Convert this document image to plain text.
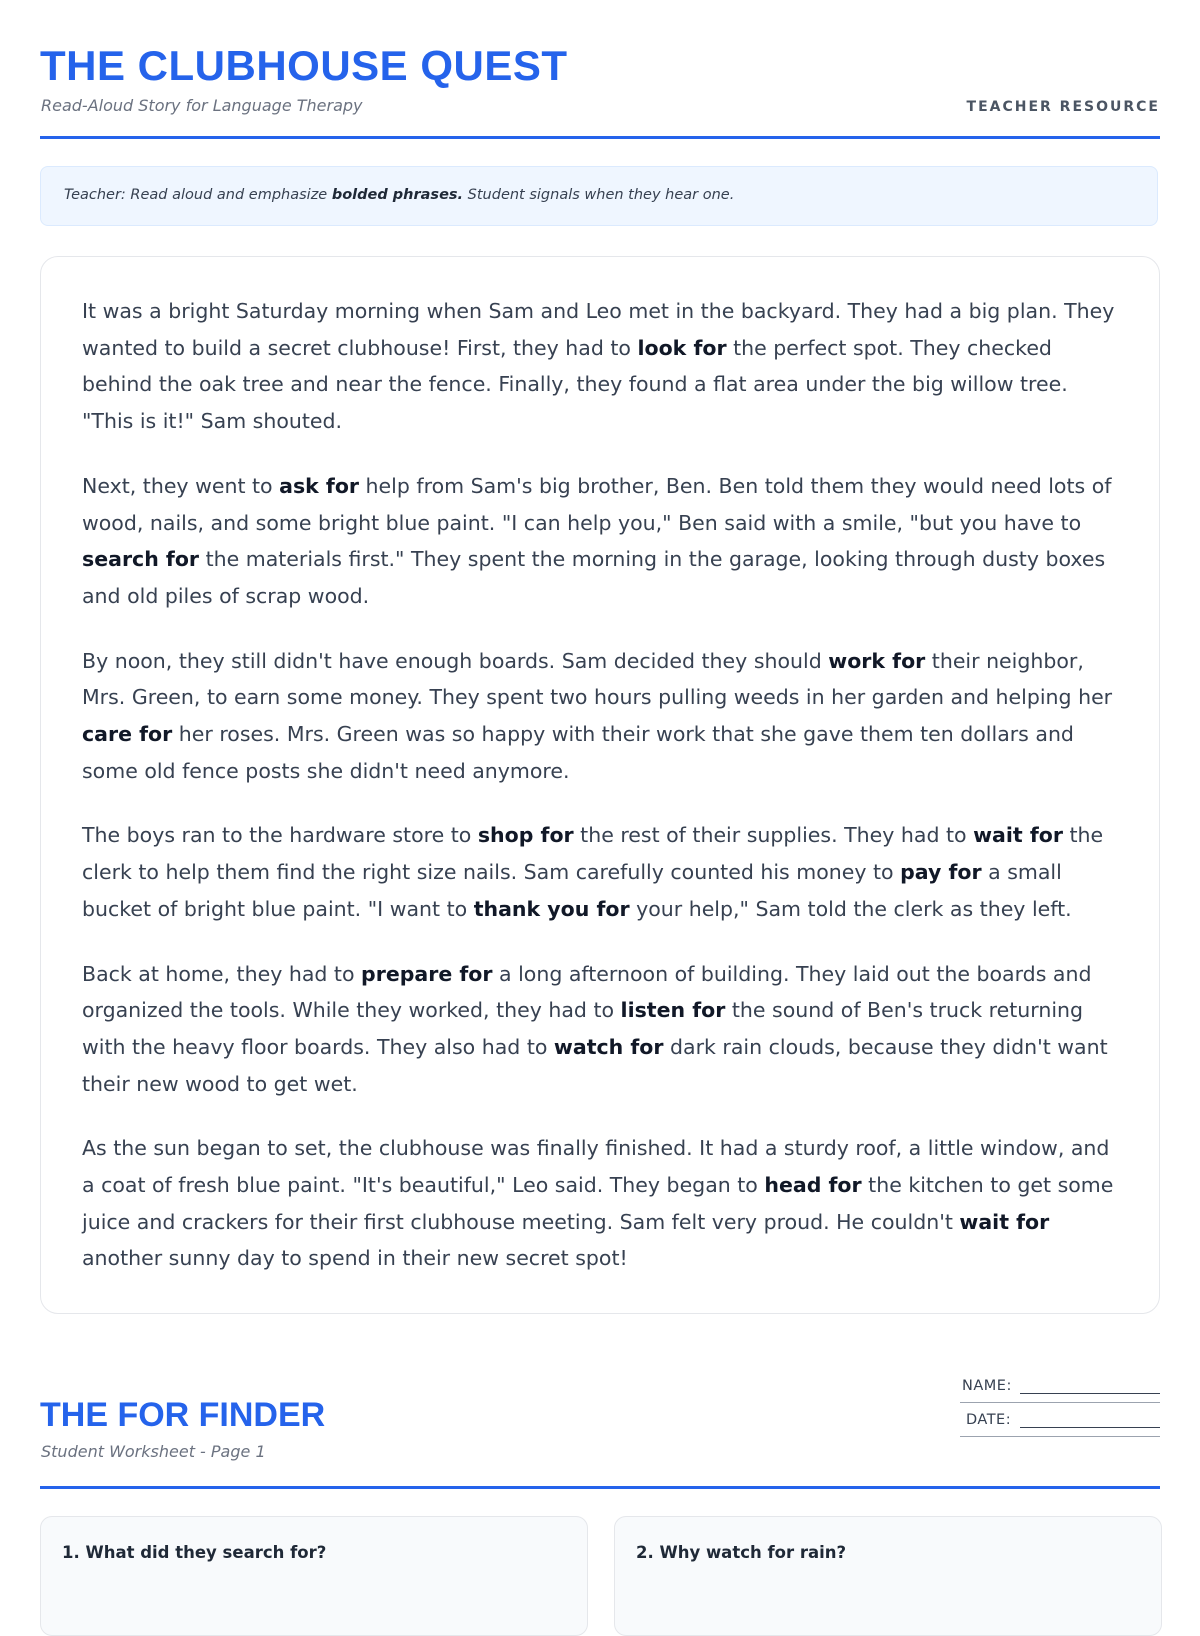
THE CLUBHOUSE QUEST
Read-Aloud Story for Language Therapy	TEACHER RESOURCE
Teacher: Read aloud and emphasize bolded phrases. Student signals when they hear one.

It was a bright Saturday morning when Sam and Leo met in the backyard. They had a big plan. They wanted to build a secret clubhouse! First, they had to look for the perfect spot. They checked behind the oak tree and near the fence. Finally, they found a flat area under the big willow tree. "This is it!" Sam shouted.

Next, they went to ask for help from Sam's big brother, Ben. Ben told them they would need lots of wood, nails, and some bright blue paint. "I can help you," Ben said with a smile, "but you have to search for the materials first." They spent the morning in the garage, looking through dusty boxes and old piles of scrap wood.

By noon, they still didn't have enough boards. Sam decided they should work for their neighbor, Mrs. Green, to earn some money. They spent two hours pulling weeds in her garden and helping her care for her roses. Mrs. Green was so happy with their work that she gave them ten dollars and some old fence posts she didn't need anymore.

The boys ran to the hardware store to shop for the rest of their supplies. They had to wait for the clerk to help them find the right size nails. Sam carefully counted his money to pay for a small bucket of bright blue paint. "I want to thank you for your help," Sam told the clerk as they left.

Back at home, they had to prepare for a long afternoon of building. They laid out the boards and organized the tools. While they worked, they had to listen for the sound of Ben's truck returning with the heavy floor boards. They also had to watch for dark rain clouds, because they didn't want their new wood to get wet.

As the sun began to set, the clubhouse was finally finished. It had a sturdy roof, a little window, and a coat of fresh blue paint. "It's beautiful," Leo said. They began to head for the kitchen to get some juice and crackers for their first clubhouse meeting. Sam felt very proud. He couldn't wait for another sunny day to spend in their new secret spot!

THE FOR FINDER
Student Worksheet - Page 1
NAME:
DATE:
1. What did they search for?	2. Why watch for rain?
